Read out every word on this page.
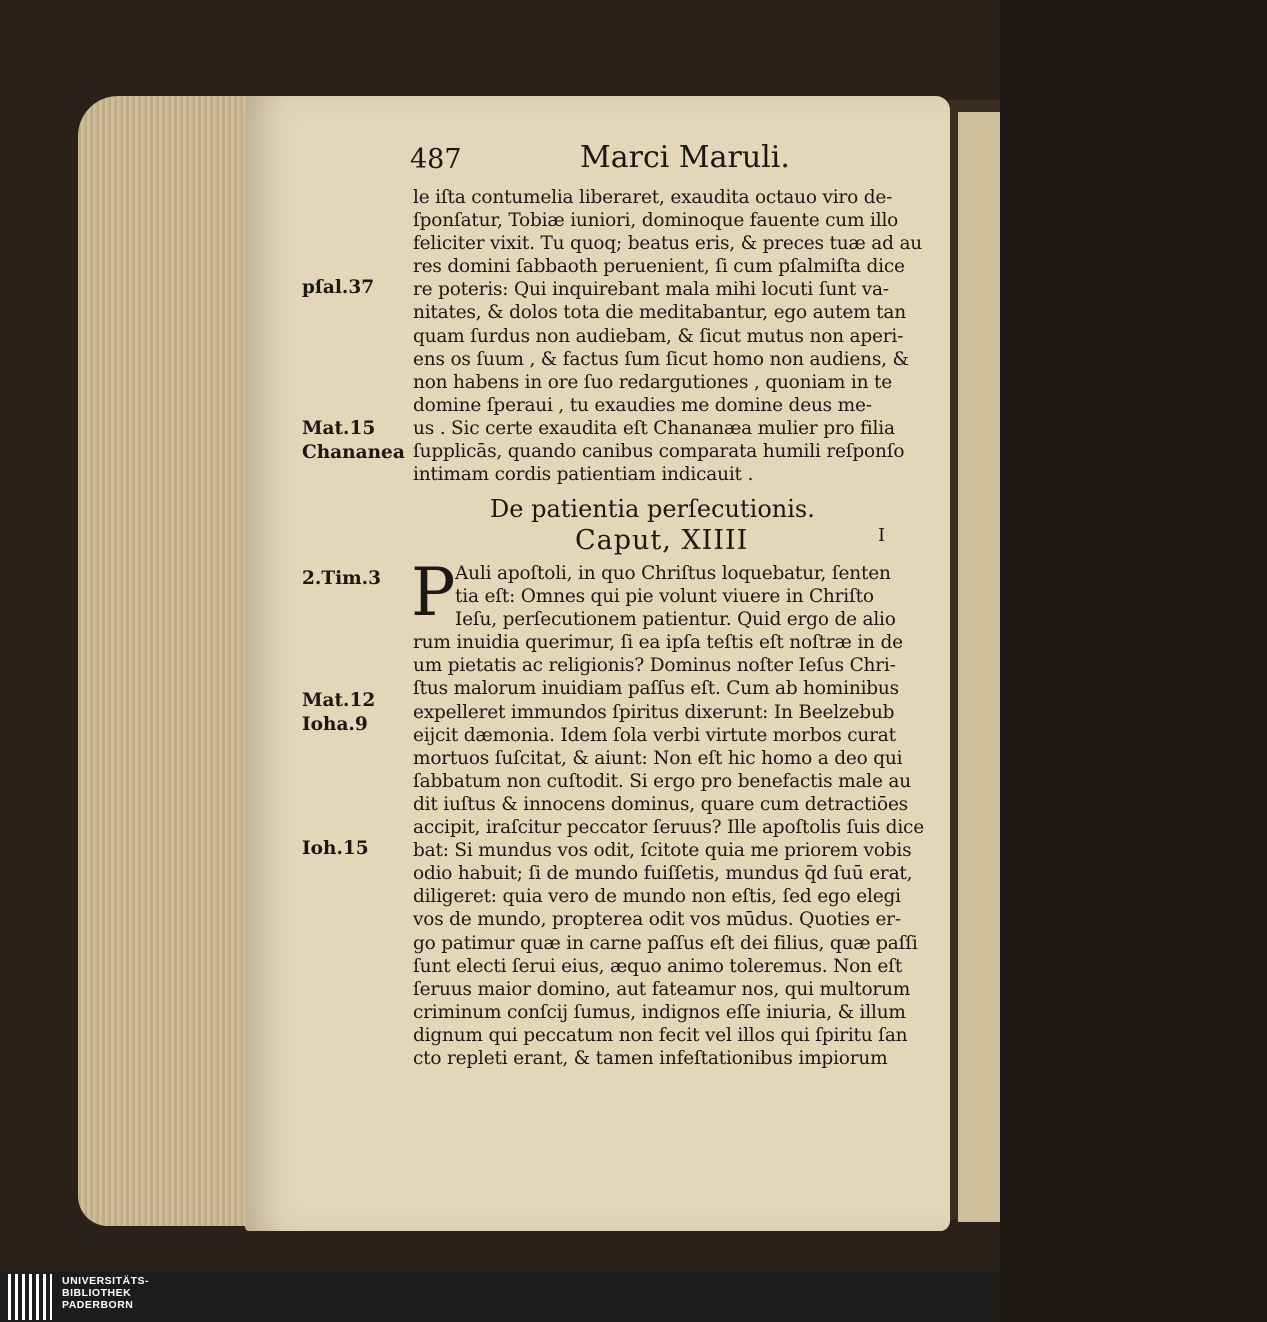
487	Marci Maruli.	De d
le iſta contumelia liberaret, exaudita octauo viro de-
ſponſatur, Tobiæ iuniori, dominoque fauente cum illo
feliciter vixit. Tu quoq; beatus eris, & preces tuæ ad au
res domini ſabbaoth peruenient, ſi cum pſalmiſta dice
re poteris: Qui inquirebant mala mihi locuti ſunt va-
nitates, & dolos tota die meditabantur, ego autem tan
quam ſurdus non audiebam, & ſicut mutus non aperi-
ens os ſuum , & factus ſum ſicut homo non audiens, &
non habens in ore ſuo redargutiones , quoniam in te
domine ſperaui , tu exaudies me domine deus me-
us . Sic certe exaudita eſt Chananæa mulier pro filia
ſupplicās, quando canibus comparata humili reſponſo
intimam cordis patientiam indicauit .
De patientia perſecutionis.
Caput, XIIII	I
P Auli apoſtoli, in quo Chriſtus loquebatur, ſenten
tia eſt: Omnes qui pie volunt viuere in Chriſto
Ieſu, perſecutionem patientur. Quid ergo de alio
rum inuidia querimur, ſi ea ipſa teſtis eſt noſtræ in de
um pietatis ac religionis? Dominus noſter Ieſus Chri-
ſtus malorum inuidiam paſſus eſt. Cum ab hominibus
expelleret immundos ſpiritus dixerunt: In Beelzebub
eijcit dæmonia. Idem ſola verbi virtute morbos curat
mortuos ſuſcitat, & aiunt: Non eſt hic homo a deo qui
ſabbatum non cuſtodit. Si ergo pro benefactis male au
dit iuſtus & innocens dominus, quare cum detractiōes
accipit, iraſcitur peccator ſeruus? Ille apoſtolis ſuis dice
bat: Si mundus vos odit, ſcitote quia me priorem vobis
odio habuit; ſi de mundo fuiſſetis, mundus q̄d ſuū erat,
diligeret: quia vero de mundo non eſtis, ſed ego elegi
vos de mundo, propterea odit vos mūdus. Quoties er-
go patimur quæ in carne paſſus eſt dei filius, quæ paſſi
ſunt electi ſerui eius, æquo animo toleremus. Non eſt
ſeruus maior domino, aut fateamur nos, qui multorum
criminum conſcij ſumus, indignos eſſe iniuria, & illum
dignum qui peccatum non fecit vel illos qui ſpiritu ſan
cto repleti erant, & tamen infeſtationibus impiorum
pſal.37
Mat.15
Chananea
2.Tim.3
Mat.12
Ioha.9
Ioh.15
UNIVERSITÄTS-
BIBLIOTHEK
PADERBORN
